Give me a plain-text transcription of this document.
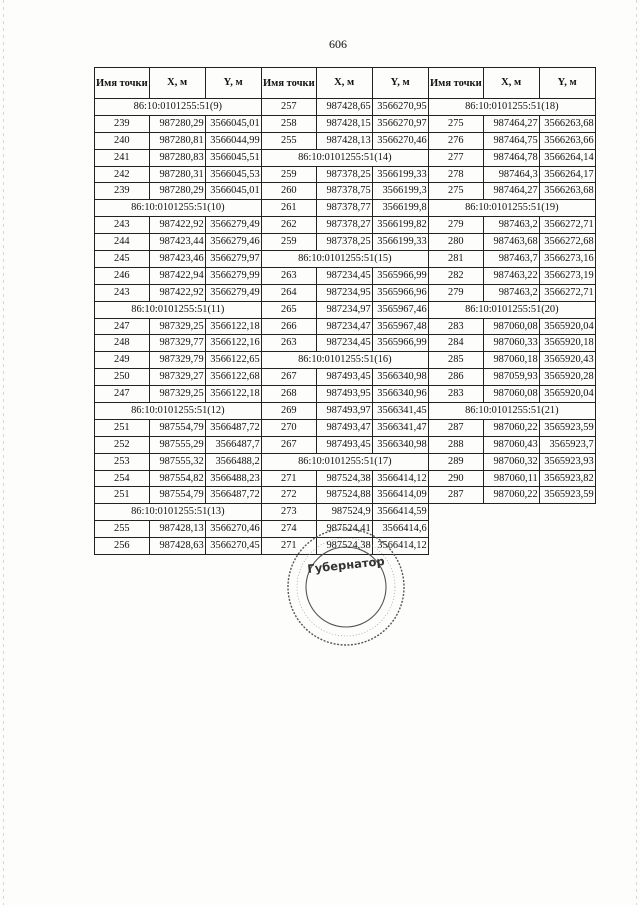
606
Имя точки	X, м	Y, м
86:10:0101255:51(9)		
239	987280,29	3566045,01
240	987280,81	3566044,99
241	987280,83	3566045,51
242	987280,31	3566045,53
239	987280,29	3566045,01
86:10:0101255:51(10)		
243	987422,92	3566279,49
244	987423,44	3566279,46
245	987423,46	3566279,97
246	987422,94	3566279,99
243	987422,92	3566279,49
86:10:0101255:51(11)		
247	987329,25	3566122,18
248	987329,77	3566122,16
249	987329,79	3566122,65
250	987329,27	3566122,68
247	987329,25	3566122,18
86:10:0101255:51(12)		
251	987554,79	3566487,72
252	987555,29	3566487,7
253	987555,32	3566488,2
254	987554,82	3566488,23
251	987554,79	3566487,72
86:10:0101255:51(13)		
255	987428,13	3566270,46
256	987428,63	3566270,45
Имя точки	X, м	Y, м
257	987428,65	3566270,95
258	987428,15	3566270,97
255	987428,13	3566270,46
86:10:0101255:51(14)		
259	987378,25	3566199,33
260	987378,75	3566199,3
261	987378,77	3566199,8
262	987378,27	3566199,82
259	987378,25	3566199,33
86:10:0101255:51(15)		
263	987234,45	3565966,99
264	987234,95	3565966,96
265	987234,97	3565967,46
266	987234,47	3565967,48
263	987234,45	3565966,99
86:10:0101255:51(16)		
267	987493,45	3566340,98
268	987493,95	3566340,96
269	987493,97	3566341,45
270	987493,47	3566341,47
267	987493,45	3566340,98
86:10:0101255:51(17)		
271	987524,38	3566414,12
272	987524,88	3566414,09
273	987524,9	3566414,59
274	987524,41	3566414,6
271	987524,38	3566414,12
Имя точки	X, м	Y, м
86:10:0101255:51(18)		
275	987464,27	3566263,68
276	987464,75	3566263,66
277	987464,78	3566264,14
278	987464,3	3566264,17
275	987464,27	3566263,68
86:10:0101255:51(19)		
279	987463,2	3566272,71
280	987463,68	3566272,68
281	987463,7	3566273,16
282	987463,22	3566273,19
279	987463,2	3566272,71
86:10:0101255:51(20)		
283	987060,08	3565920,04
284	987060,33	3565920,18
285	987060,18	3565920,43
286	987059,93	3565920,28
283	987060,08	3565920,04
86:10:0101255:51(21)		
287	987060,22	3565923,59
288	987060,43	3565923,7
289	987060,32	3565923,93
290	987060,11	3565923,82
287	987060,22	3565923,59
Губернатор
